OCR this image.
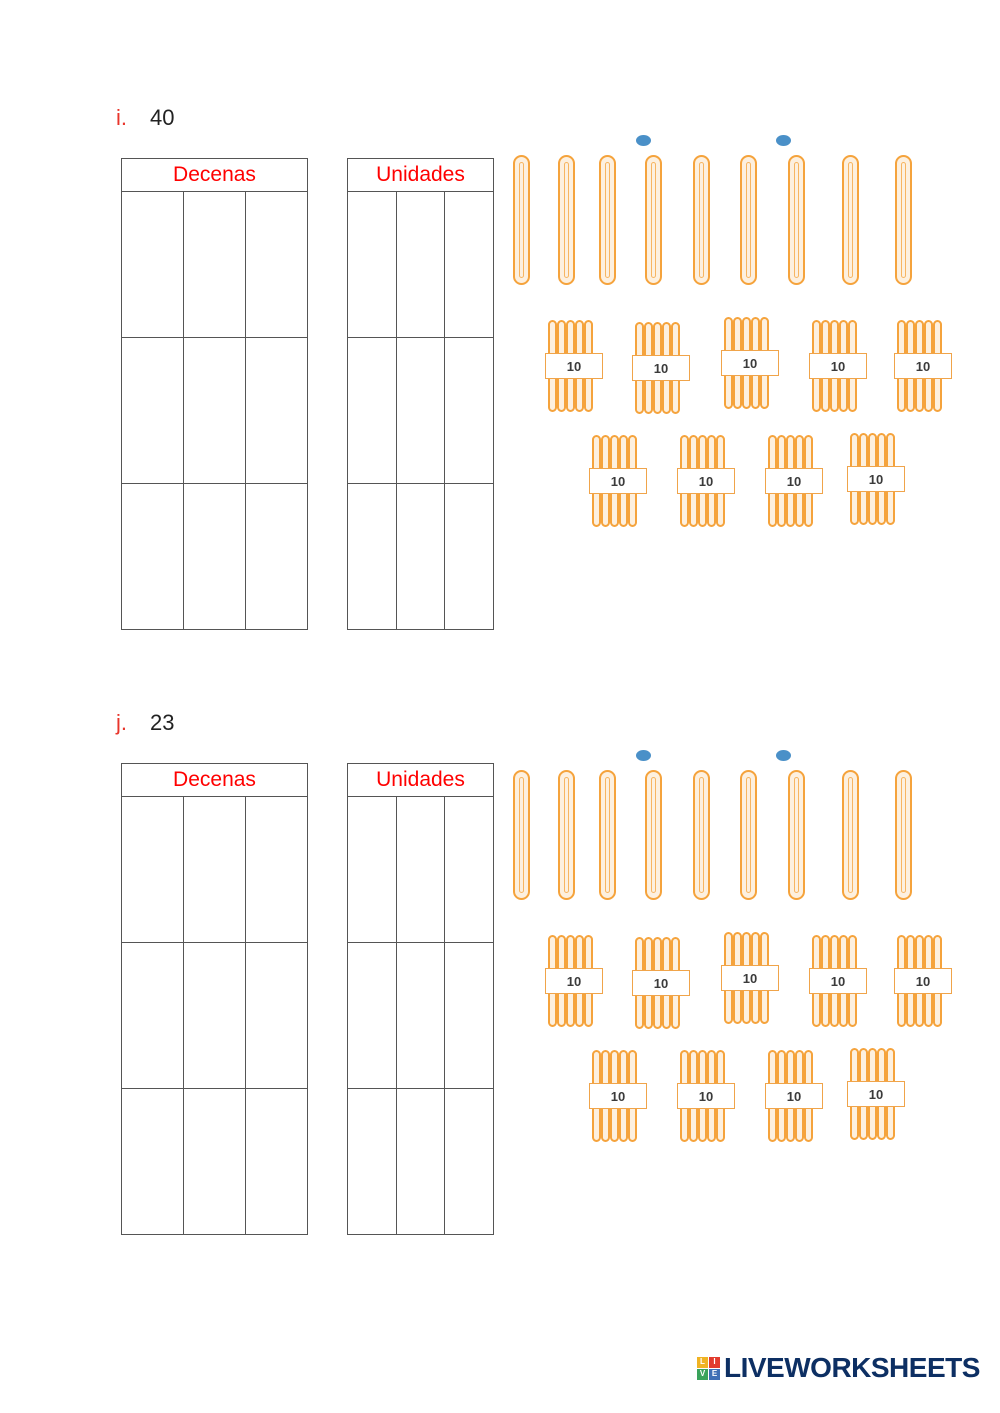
i. 40
Decenas		

			Unidades		

10	10	10	10	10
10	10	10	10
j. 23
Decenas		

			Unidades		

10	10	10	10	10
10	10	10	10
L	I
V E LIVEWORKSHEETS
